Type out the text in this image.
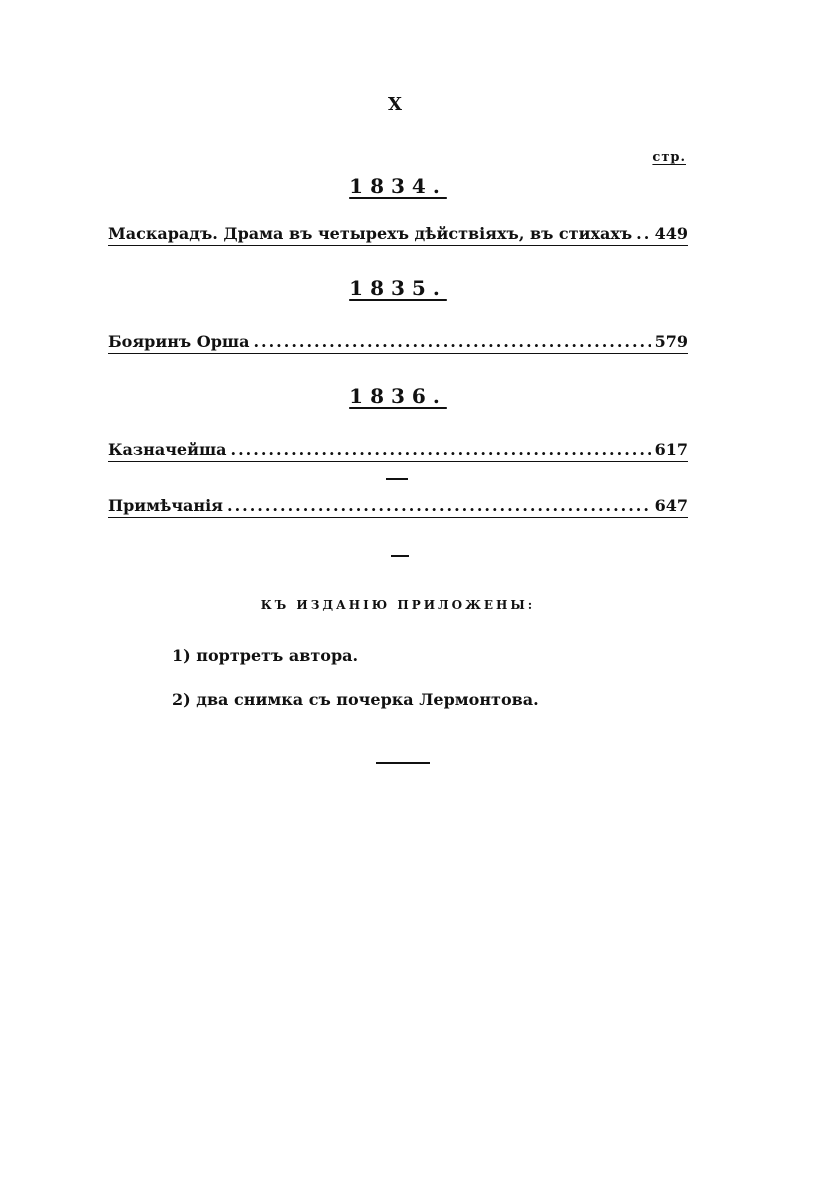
X
стр.
1834.
Маскарадъ. Драма въ четырехъ дѣйствіяхъ, въ стихахъ ..... 449
1835.
Бояринъ Орша .....	579
1836.
Казначейша .....	617
Примѣчанія .....	647
КЪ ИЗДАНІЮ ПРИЛОЖЕНЫ:
1) портретъ автора.
2) два снимка съ почерка Лермонтова.
